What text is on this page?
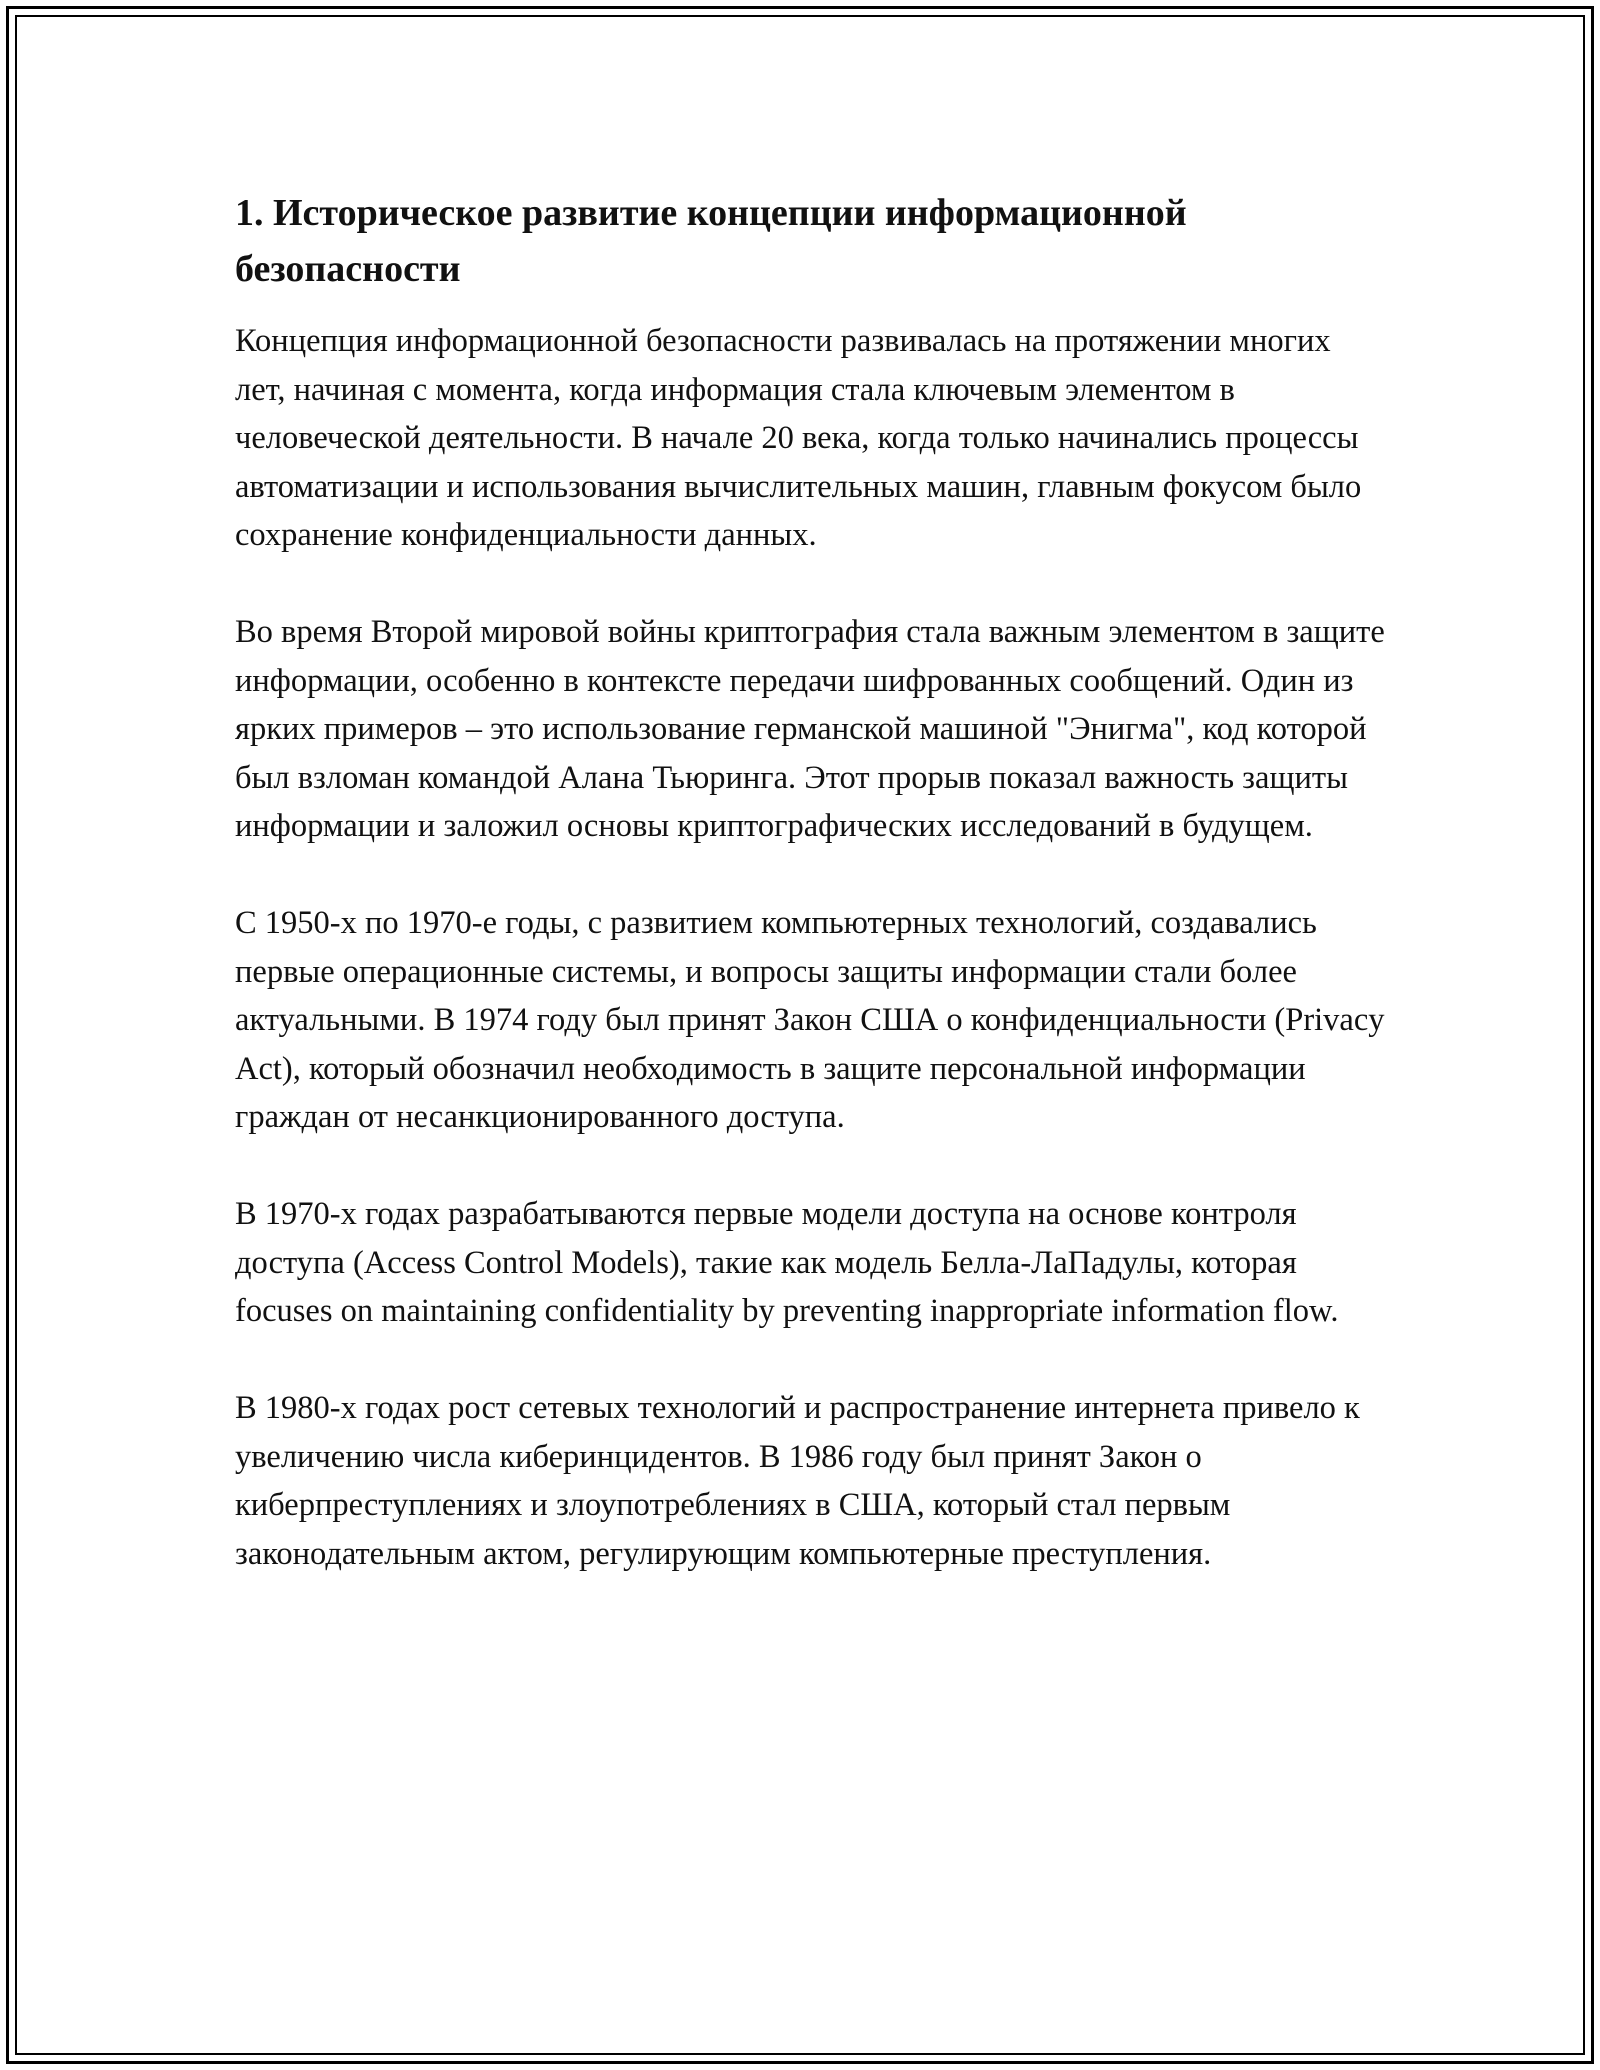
1. Историческое развитие концепции информационной безопасности

Концепция информационной безопасности развивалась на протяжении многих лет, начиная с момента, когда информация стала ключевым элементом в человеческой деятельности. В начале 20 века, когда только начинались процессы автоматизации и использования вычислительных машин, главным фокусом было сохранение конфиденциальности данных.

Во время Второй мировой войны криптография стала важным элементом в защите информации, особенно в контексте передачи шифрованных сообщений. Один из ярких примеров – это использование германской машиной "Энигма", код которой был взломан командой Алана Тьюринга. Этот прорыв показал важность защиты информации и заложил основы криптографических исследований в будущем.

С 1950-х по 1970-е годы, с развитием компьютерных технологий, создавались первые операционные системы, и вопросы защиты информации стали более актуальными. В 1974 году был принят Закон США о конфиденциальности (Privacy Act), который обозначил необходимость в защите персональной информации граждан от несанкционированного доступа.

В 1970-х годах разрабатываются первые модели доступа на основе контроля доступа (Access Control Models), такие как модель Белла-ЛаПадулы, которая focuses on maintaining confidentiality by preventing inappropriate information flow.

В 1980-х годах рост сетевых технологий и распространение интернета привело к увеличению числа киберинцидентов. В 1986 году был принят Закон о киберпреступлениях и злоупотреблениях в США, который стал первым законодательным актом, регулирующим компьютерные преступления.
